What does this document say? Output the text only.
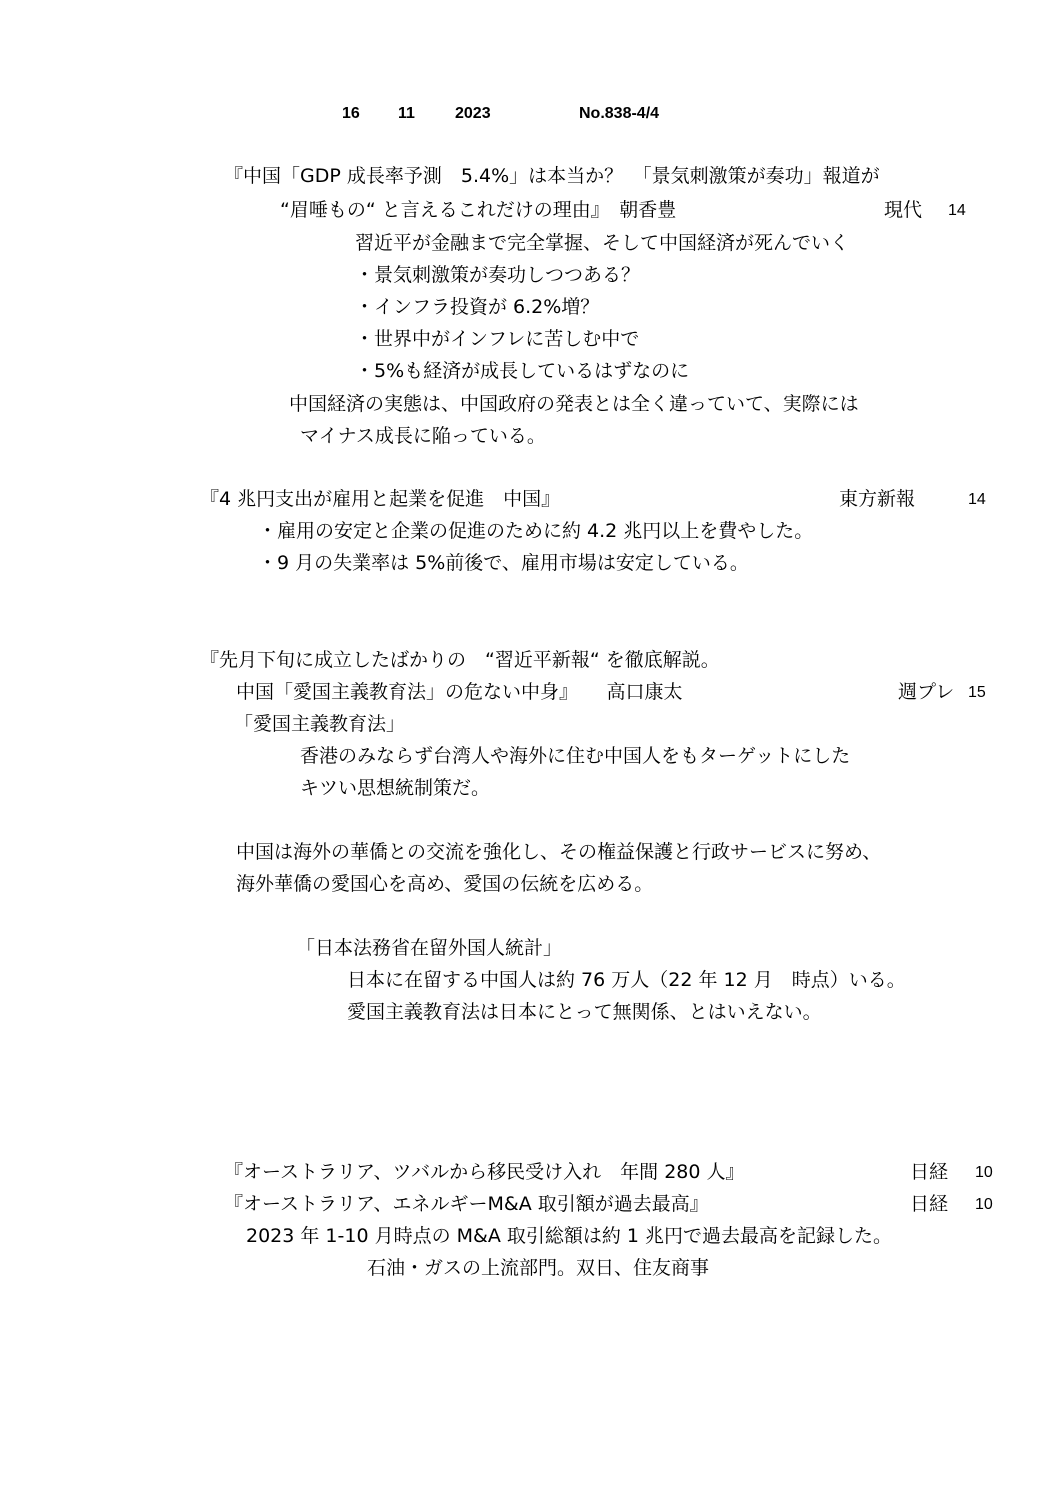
16 11	2023	No.838-4/4
『中国「GDP 成長率予測　5.4%」は本当か？　「景気刺激策が奏功」報道が
“眉唾もの“ と言えるこれだけの理由』　朝香豊	現代 14
習近平が金融まで完全掌握、そして中国経済が死んでいく
・景気刺激策が奏功しつつある？
・インフラ投資が 6.2%増？
・世界中がインフレに苦しむ中で
・5%も経済が成長しているはずなのに
中国経済の実態は、中国政府の発表とは全く違っていて、実際には
マイナス成長に陥っている。
『4 兆円支出が雇用と起業を促進　中国』	東方新報	14
・雇用の安定と企業の促進のために約 4.2 兆円以上を費やした。
・9 月の失業率は 5%前後で、雇用市場は安定している。
『先月下旬に成立したばかりの　“習近平新報“ を徹底解説。
中国「愛国主義教育法」の危ない中身』　　高口康太	週プレ 15
「愛国主義教育法」
香港のみならず台湾人や海外に住む中国人をもターゲットにした
キツい思想統制策だ。
中国は海外の華僑との交流を強化し、その権益保護と行政サービスに努め、
海外華僑の愛国心を高め、愛国の伝統を広める。
「日本法務省在留外国人統計」
日本に在留する中国人は約 76 万人（22 年 12 月　時点）いる。
愛国主義教育法は日本にとって無関係、とはいえない。
『オーストラリア、ツバルから移民受け入れ　年間 280 人』	日経 10
『オーストラリア、エネルギーM&A 取引額が過去最高』	日経 10
2023 年 1-10 月時点の M&A 取引総額は約 1 兆円で過去最高を記録した。
石油・ガスの上流部門。双日、住友商事
